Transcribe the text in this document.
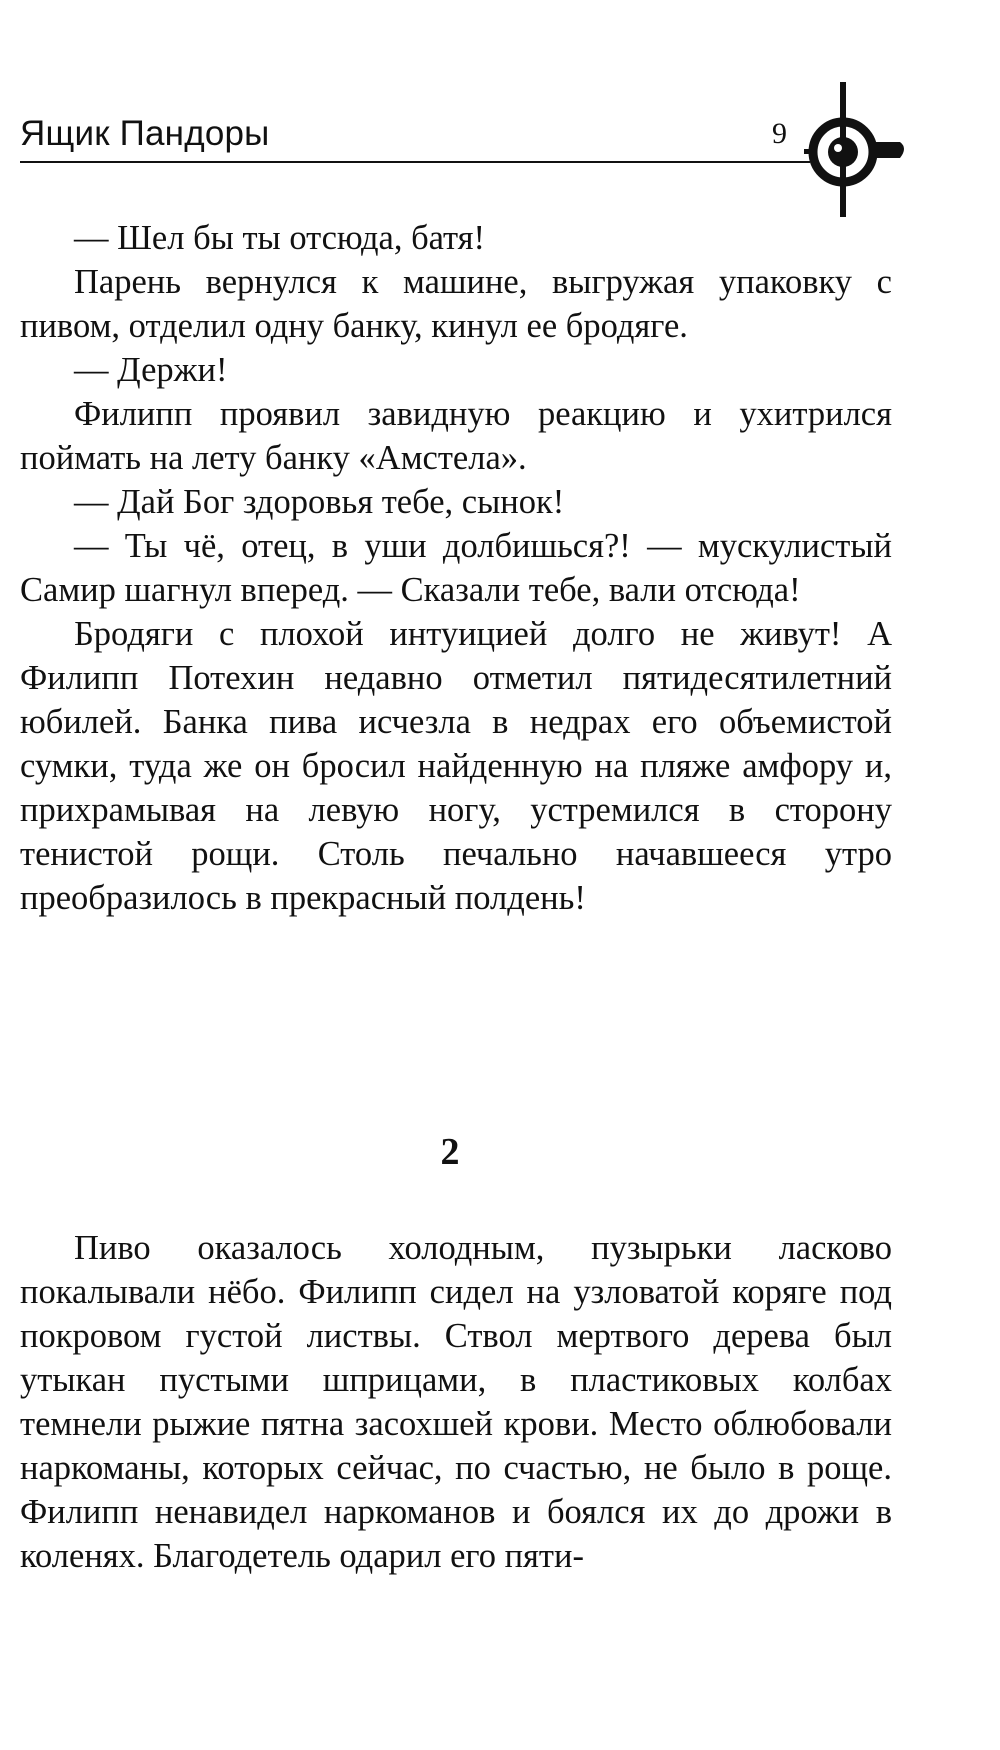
Ящик Пандоры	9

— Шел бы ты отсюда, батя!

Парень вернулся к машине, выгружая упаковку с пивом, отделил одну банку, кинул ее бродяге.

— Держи!

Филипп проявил завидную реакцию и ухитрился поймать на лету банку «Амстела».

— Дай Бог здоровья тебе, сынок!

— Ты чё, отец, в уши долбишься?! — мускулистый Самир шагнул вперед. — Сказали тебе, вали отсюда!

Бродяги с плохой интуицией долго не живут! А Филипп Потехин недавно отметил пятидесятилетний юбилей. Банка пива исчезла в недрах его объемистой сумки, туда же он бросил найденную на пляже амфору и, прихрамывая на левую ногу, устремился в сторону тенистой рощи. Столь печально начавшееся утро преобразилось в прекрасный полдень!

2

Пиво оказалось холодным, пузырьки ласково покалывали нёбо. Филипп сидел на узловатой коряге под покровом густой листвы. Ствол мертвого дерева был утыкан пустыми шприцами, в пластиковых колбах темнели рыжие пятна засохшей крови. Место облюбовали наркоманы, которых сейчас, по счастью, не было в роще. Филипп ненавидел наркоманов и боялся их до дрожи в коленях. Благодетель одарил его пяти-
